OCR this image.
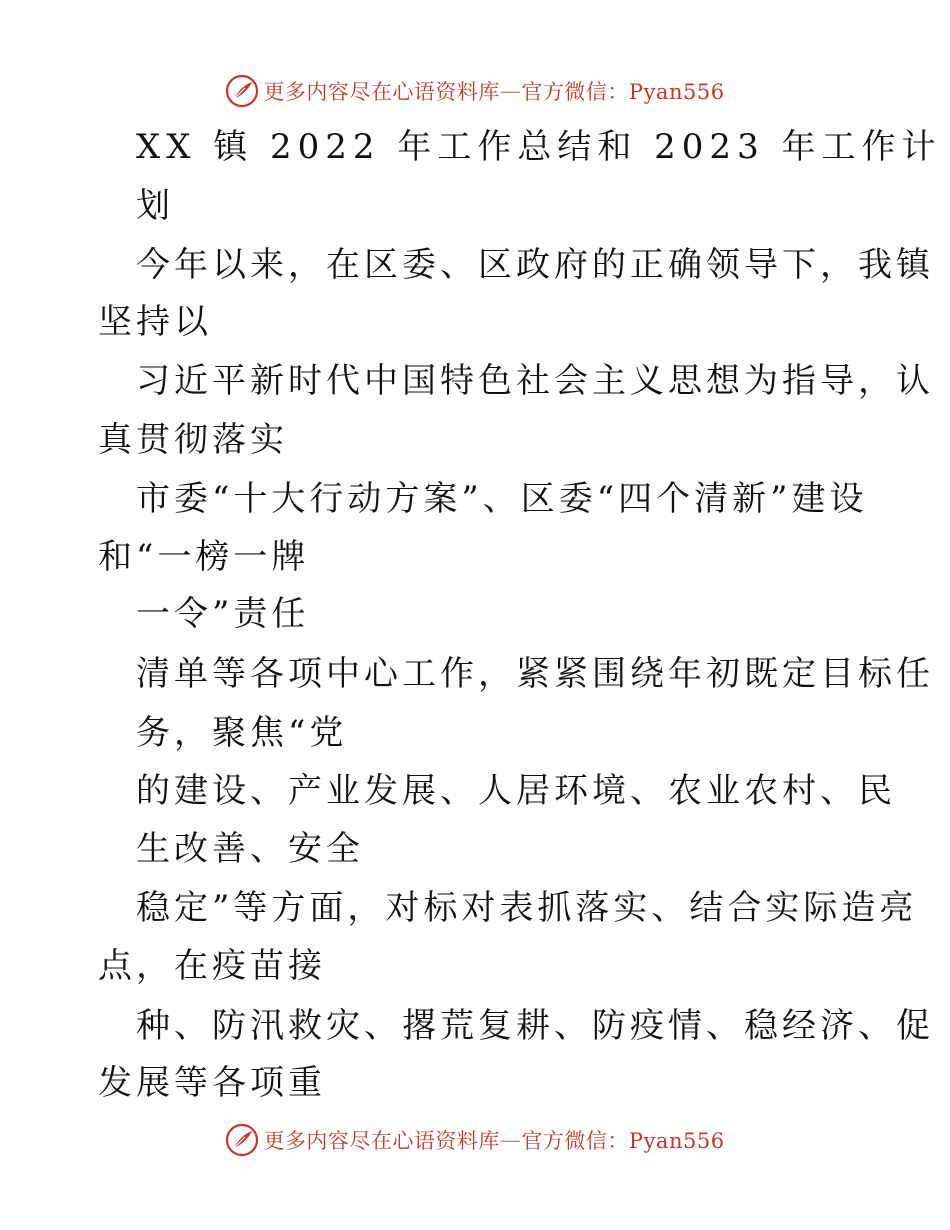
更多内容尽在心语资料库 — 官方微信：Pyan556
XX 镇 2022 年工作总结和 2023 年工作计
划
今年以来，在区委、区政府的正确领导下，我镇
坚持以
习近平新时代中国特色社会主义思想为指导，认
真贯彻落实
市委“十大行动方案”、区委“四个清新”建设
和“一榜一牌
一令”责任
清单等各项中心工作，紧紧围绕年初既定目标任
务，聚焦“党
的建设、产业发展、人居环境、农业农村、民
生改善、安全
稳定”等方面，对标对表抓落实、结合实际造亮
点，在疫苗接
种、防汛救灾、撂荒复耕、防疫情、稳经济、促
发展等各项重
更多内容尽在心语资料库 — 官方微信：Pyan556
